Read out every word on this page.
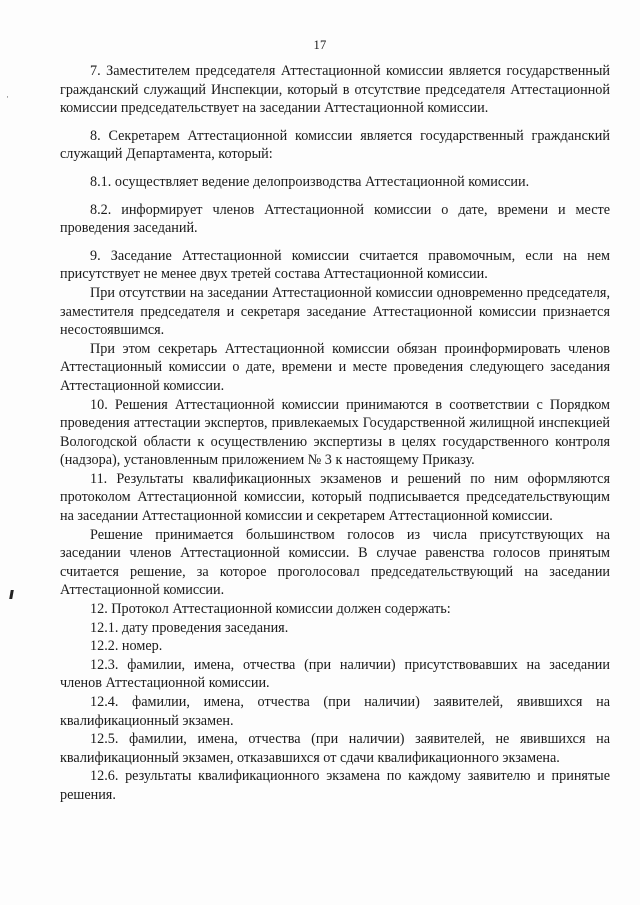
17
·

7. Заместителем председателя Аттестационной комиссии является государственный гражданский служащий Инспекции, который в отсутствие председателя Аттестационной комиссии председательствует на заседании Аттестационной комиссии.

8. Секретарем Аттестационной комиссии является государственный гражданский служащий Департамента, который:

8.1. осуществляет ведение делопроизводства Аттестационной комиссии.

8.2. информирует членов Аттестационной комиссии о дате, времени и месте проведения заседаний.

9. Заседание Аттестационной комиссии считается правомочным, если на нем присутствует не менее двух третей состава Аттестационной комиссии.

При отсутствии на заседании Аттестационной комиссии одновременно председателя, заместителя председателя и секретаря заседание Аттестационной комиссии признается несостоявшимся.

При этом секретарь Аттестационной комиссии обязан проинформировать членов Аттестационный комиссии о дате, времени и месте проведения следующего заседания Аттестационной комиссии.

10. Решения Аттестационной комиссии принимаются в соответствии с Порядком проведения аттестации экспертов, привлекаемых Государственной жилищной инспекцией Вологодской области к осуществлению экспертизы в целях государственного контроля (надзора), установленным приложением № 3 к настоящему Приказу.

11. Результаты квалификационных экзаменов и решений по ним оформляются протоколом Аттестационной комиссии, который подписывается председательствующим на заседании Аттестационной комиссии и секретарем Аттестационной комиссии.

Решение принимается большинством голосов из числа присутствующих на заседании членов Аттестационной комиссии. В случае равенства голосов принятым считается решение, за которое проголосовал председательствующий на заседании Аттестационной комиссии.

12. Протокол Аттестационной комиссии должен содержать:

12.1. дату проведения заседания.

12.2. номер.

12.3. фамилии, имена, отчества (при наличии) присутствовавших на заседании членов Аттестационной комиссии.

12.4. фамилии, имена, отчества (при наличии) заявителей, явившихся на квалификационный экзамен.

12.5. фамилии, имена, отчества (при наличии) заявителей, не явившихся на квалификационный экзамен, отказавшихся от сдачи квалификационного экзамена.

12.6. результаты квалификационного экзамена по каждому заявителю и принятые решения.
